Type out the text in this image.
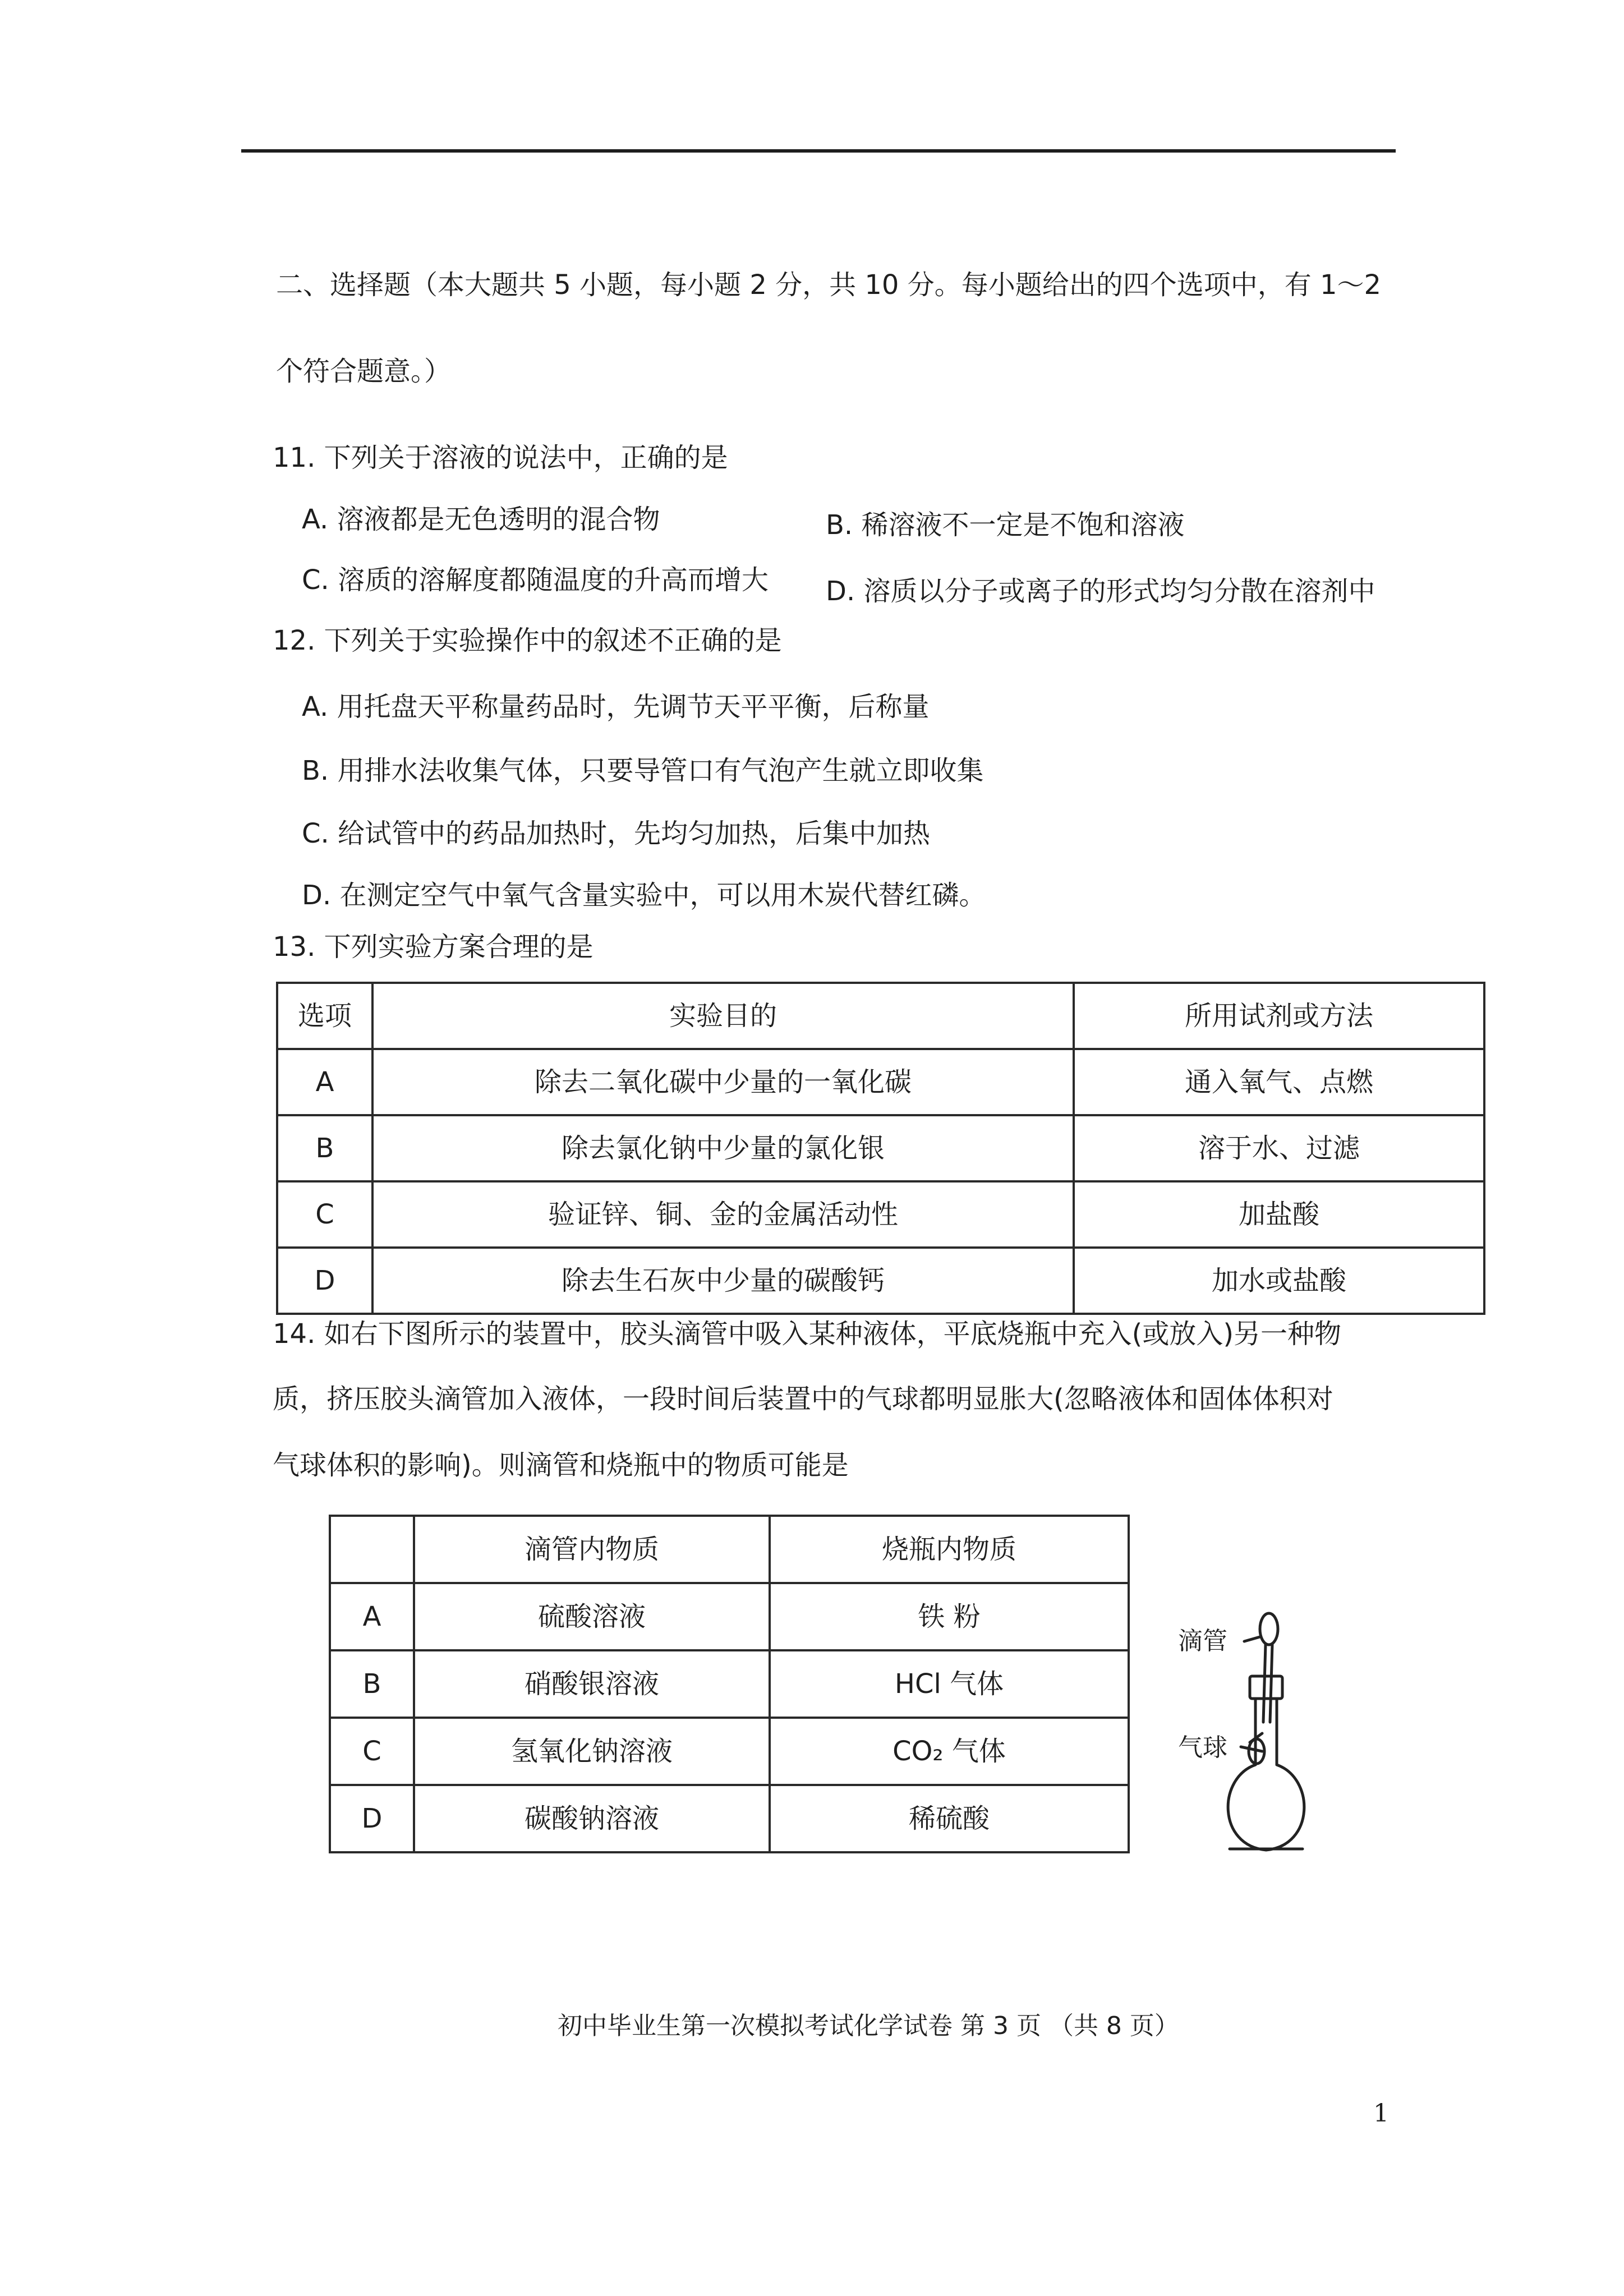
二、选择题（本大题共 5 小题，每小题 2 分，共 10 分。每小题给出的四个选项中，有 1～2
个符合题意。）
11. 下列关于溶液的说法中，正确的是
A. 溶液都是无色透明的混合物	B. 稀溶液不一定是不饱和溶液
C. 溶质的溶解度都随温度的升高而增大 D. 溶质以分子或离子的形式均匀分散在溶剂中
12. 下列关于实验操作中的叙述不正确的是
A. 用托盘天平称量药品时，先调节天平平衡，后称量
B. 用排水法收集气体，只要导管口有气泡产生就立即收集
C. 给试管中的药品加热时，先均匀加热，后集中加热
D. 在测定空气中氧气含量实验中，可以用木炭代替红磷。
13. 下列实验方案合理的是
选项	实验目的	所用试剂或方法
A	除去二氧化碳中少量的一氧化碳	通入氧气、点燃
B	除去氯化钠中少量的氯化银	溶于水、过滤
C	验证锌、铜、金的金属活动性	加盐酸
D	除去生石灰中少量的碳酸钙	加水或盐酸
14. 如右下图所示的装置中，胶头滴管中吸入某种液体，平底烧瓶中充入(或放入)另一种物
质，挤压胶头滴管加入液体，一段时间后装置中的气球都明显胀大(忽略液体和固体体积对
气球体积的影响)。则滴管和烧瓶中的物质可能是
	滴管内物质	烧瓶内物质
A	硫酸溶液	铁 粉
B	硝酸银溶液	HCl 气体
C	氢氧化钠溶液	CO₂ 气体
D	碳酸钠溶液	稀硫酸
滴管
气球
初中毕业生第一次模拟考试化学试卷 第 3 页 （共 8 页）
1
